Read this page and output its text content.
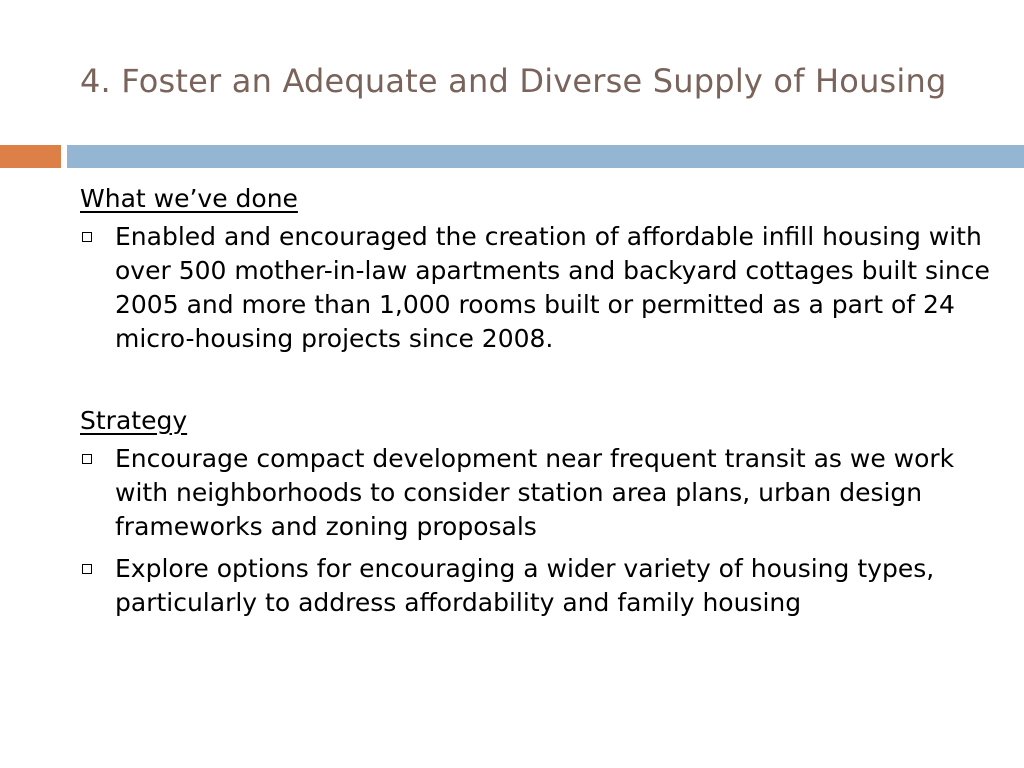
4. Foster an Adequate and Diverse Supply of Housing

What we’ve done

Enabled and encouraged the creation of affordable infill housing with over 500 mother-in-law apartments and backyard cottages built since 2005 and more than 1,000 rooms built or permitted as a part of 24 micro-housing projects since 2008.

Strategy

Encourage compact development near frequent transit as we work with neighborhoods to consider station area plans, urban design frameworks and zoning proposals
Explore options for encouraging a wider variety of housing types, particularly to address affordability and family housing
